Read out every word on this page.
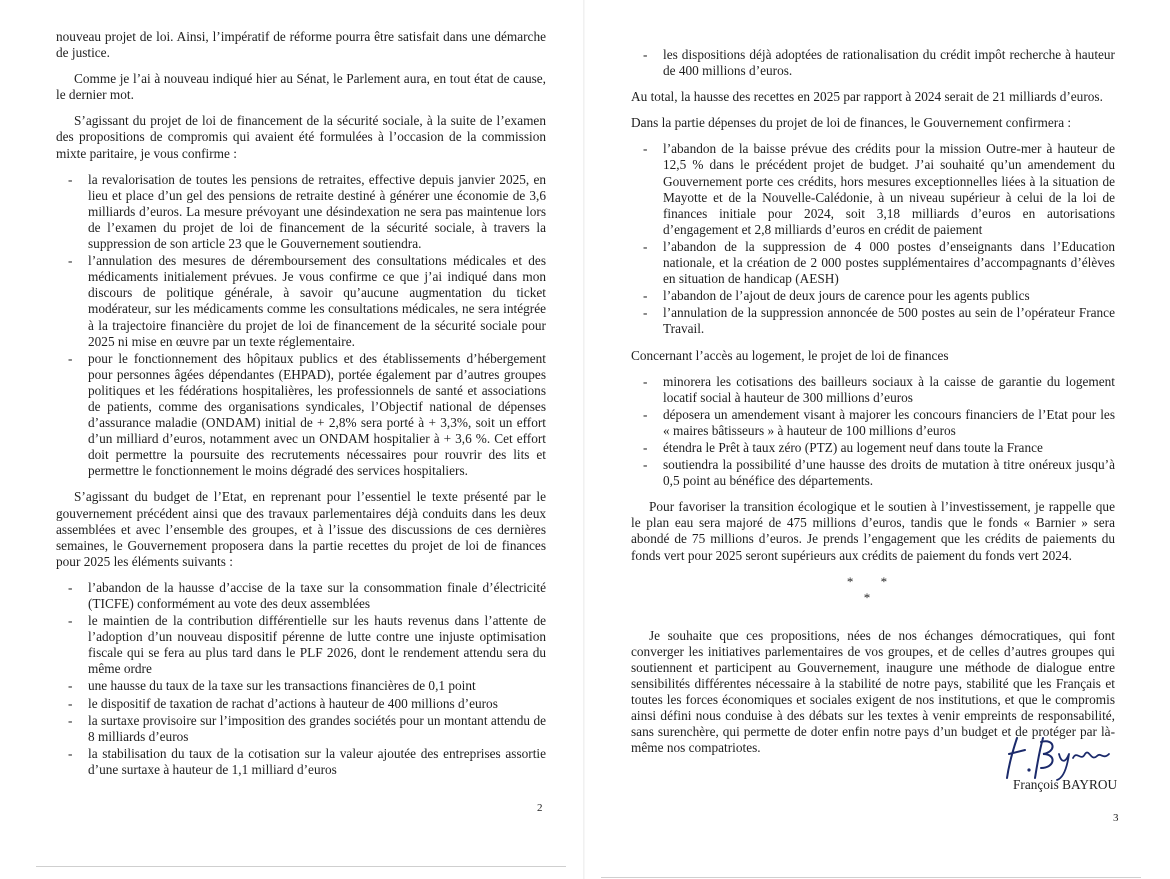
nouveau projet de loi. Ainsi, l’impératif de réforme pourra être satisfait dans une démarche de justice.

Comme je l’ai à nouveau indiqué hier au Sénat, le Parlement aura, en tout état de cause, le dernier mot.

S’agissant du projet de loi de financement de la sécurité sociale, à la suite de l’examen des propositions de compromis qui avaient été formulées à l’occasion de la commission mixte paritaire, je vous confirme :

- la revalorisation de toutes les pensions de retraites, effective depuis janvier 2025, en lieu et place d’un gel des pensions de retraite destiné à générer une économie de 3,6 milliards d’euros. La mesure prévoyant une désindexation ne sera pas maintenue lors de l’examen du projet de loi de financement de la sécurité sociale, à travers la suppression de son article 23 que le Gouvernement soutiendra.
- l’annulation des mesures de déremboursement des consultations médicales et des médicaments initialement prévues. Je vous confirme ce que j’ai indiqué dans mon discours de politique générale, à savoir qu’aucune augmentation du ticket modérateur, sur les médicaments comme les consultations médicales, ne sera intégrée à la trajectoire financière du projet de loi de financement de la sécurité sociale pour 2025 ni mise en œuvre par un texte réglementaire.
- pour le fonctionnement des hôpitaux publics et des établissements d’hébergement pour personnes âgées dépendantes (EHPAD), portée également par d’autres groupes politiques et les fédérations hospitalières, les professionnels de santé et associations de patients, comme des organisations syndicales, l’Objectif national de dépenses d’assurance maladie (ONDAM) initial de + 2,8% sera porté à + 3,3%, soit un effort d’un milliard d’euros, notamment avec un ONDAM hospitalier à + 3,6 %. Cet effort doit permettre la poursuite des recrutements nécessaires pour rouvrir des lits et permettre le fonctionnement le moins dégradé des services hospitaliers.

S’agissant du budget de l’Etat, en reprenant pour l’essentiel le texte présenté par le gouvernement précédent ainsi que des travaux parlementaires déjà conduits dans les deux assemblées et avec l’ensemble des groupes, et à l’issue des discussions de ces dernières semaines, le Gouvernement proposera dans la partie recettes du projet de loi de finances pour 2025 les éléments suivants :

- l’abandon de la hausse d’accise de la taxe sur la consommation finale d’électricité (TICFE) conformément au vote des deux assemblées
- le maintien de la contribution différentielle sur les hauts revenus dans l’attente de l’adoption d’un nouveau dispositif pérenne de lutte contre une injuste optimisation fiscale qui se fera au plus tard dans le PLF 2026, dont le rendement attendu sera du même ordre
- une hausse du taux de la taxe sur les transactions financières de 0,1 point
- le dispositif de taxation de rachat d’actions à hauteur de 400 millions d’euros
- la surtaxe provisoire sur l’imposition des grandes sociétés pour un montant attendu de 8 milliards d’euros
- la stabilisation du taux de la cotisation sur la valeur ajoutée des entreprises assortie d’une surtaxe à hauteur de 1,1 milliard d’euros
2
- les dispositions déjà adoptées de rationalisation du crédit impôt recherche à hauteur de 400 millions d’euros.

Au total, la hausse des recettes en 2025 par rapport à 2024 serait de 21 milliards d’euros.

Dans la partie dépenses du projet de loi de finances, le Gouvernement confirmera :

- l’abandon de la baisse prévue des crédits pour la mission Outre-mer à hauteur de 12,5 % dans le précédent projet de budget. J’ai souhaité qu’un amendement du Gouvernement porte ces crédits, hors mesures exceptionnelles liées à la situation de Mayotte et de la Nouvelle-Calédonie, à un niveau supérieur à celui de la loi de finances initiale pour 2024, soit 3,18 milliards d’euros en autorisations d’engagement et 2,8 milliards d’euros en crédit de paiement
- l’abandon de la suppression de 4 000 postes d’enseignants dans l’Education nationale, et la création de 2 000 postes supplémentaires d’accompagnants d’élèves en situation de handicap (AESH)
- l’abandon de l’ajout de deux jours de carence pour les agents publics
- l’annulation de la suppression annoncée de 500 postes au sein de l’opérateur France Travail.

Concernant l’accès au logement, le projet de loi de finances

- minorera les cotisations des bailleurs sociaux à la caisse de garantie du logement locatif social à hauteur de 300 millions d’euros
- déposera un amendement visant à majorer les concours financiers de l’Etat pour les « maires bâtisseurs » à hauteur de 100 millions d’euros
- étendra le Prêt à taux zéro (PTZ) au logement neuf dans toute la France
- soutiendra la possibilité d’une hausse des droits de mutation à titre onéreux jusqu’à 0,5 point au bénéfice des départements.

Pour favoriser la transition écologique et le soutien à l’investissement, je rappelle que le plan eau sera majoré de 475 millions d’euros, tandis que le fonds « Barnier » sera abondé de 75 millions d’euros. Je prends l’engagement que les crédits de paiements du fonds vert pour 2025 seront supérieurs aux crédits de paiement du fonds vert 2024.

* *
*

Je souhaite que ces propositions, nées de nos échanges démocratiques, qui font converger les initiatives parlementaires de vos groupes, et de celles d’autres groupes qui soutiennent et participent au Gouvernement, inaugure une méthode de dialogue entre sensibilités différentes nécessaire à la stabilité de notre pays, stabilité que les Français et toutes les forces économiques et sociales exigent de nos institutions, et que le compromis ainsi défini nous conduise à des débats sur les textes à venir empreints de responsabilité, sans surenchère, qui permette de doter enfin notre pays d’un budget et de protéger par là-même nos compatriotes.

François BAYROU
3
